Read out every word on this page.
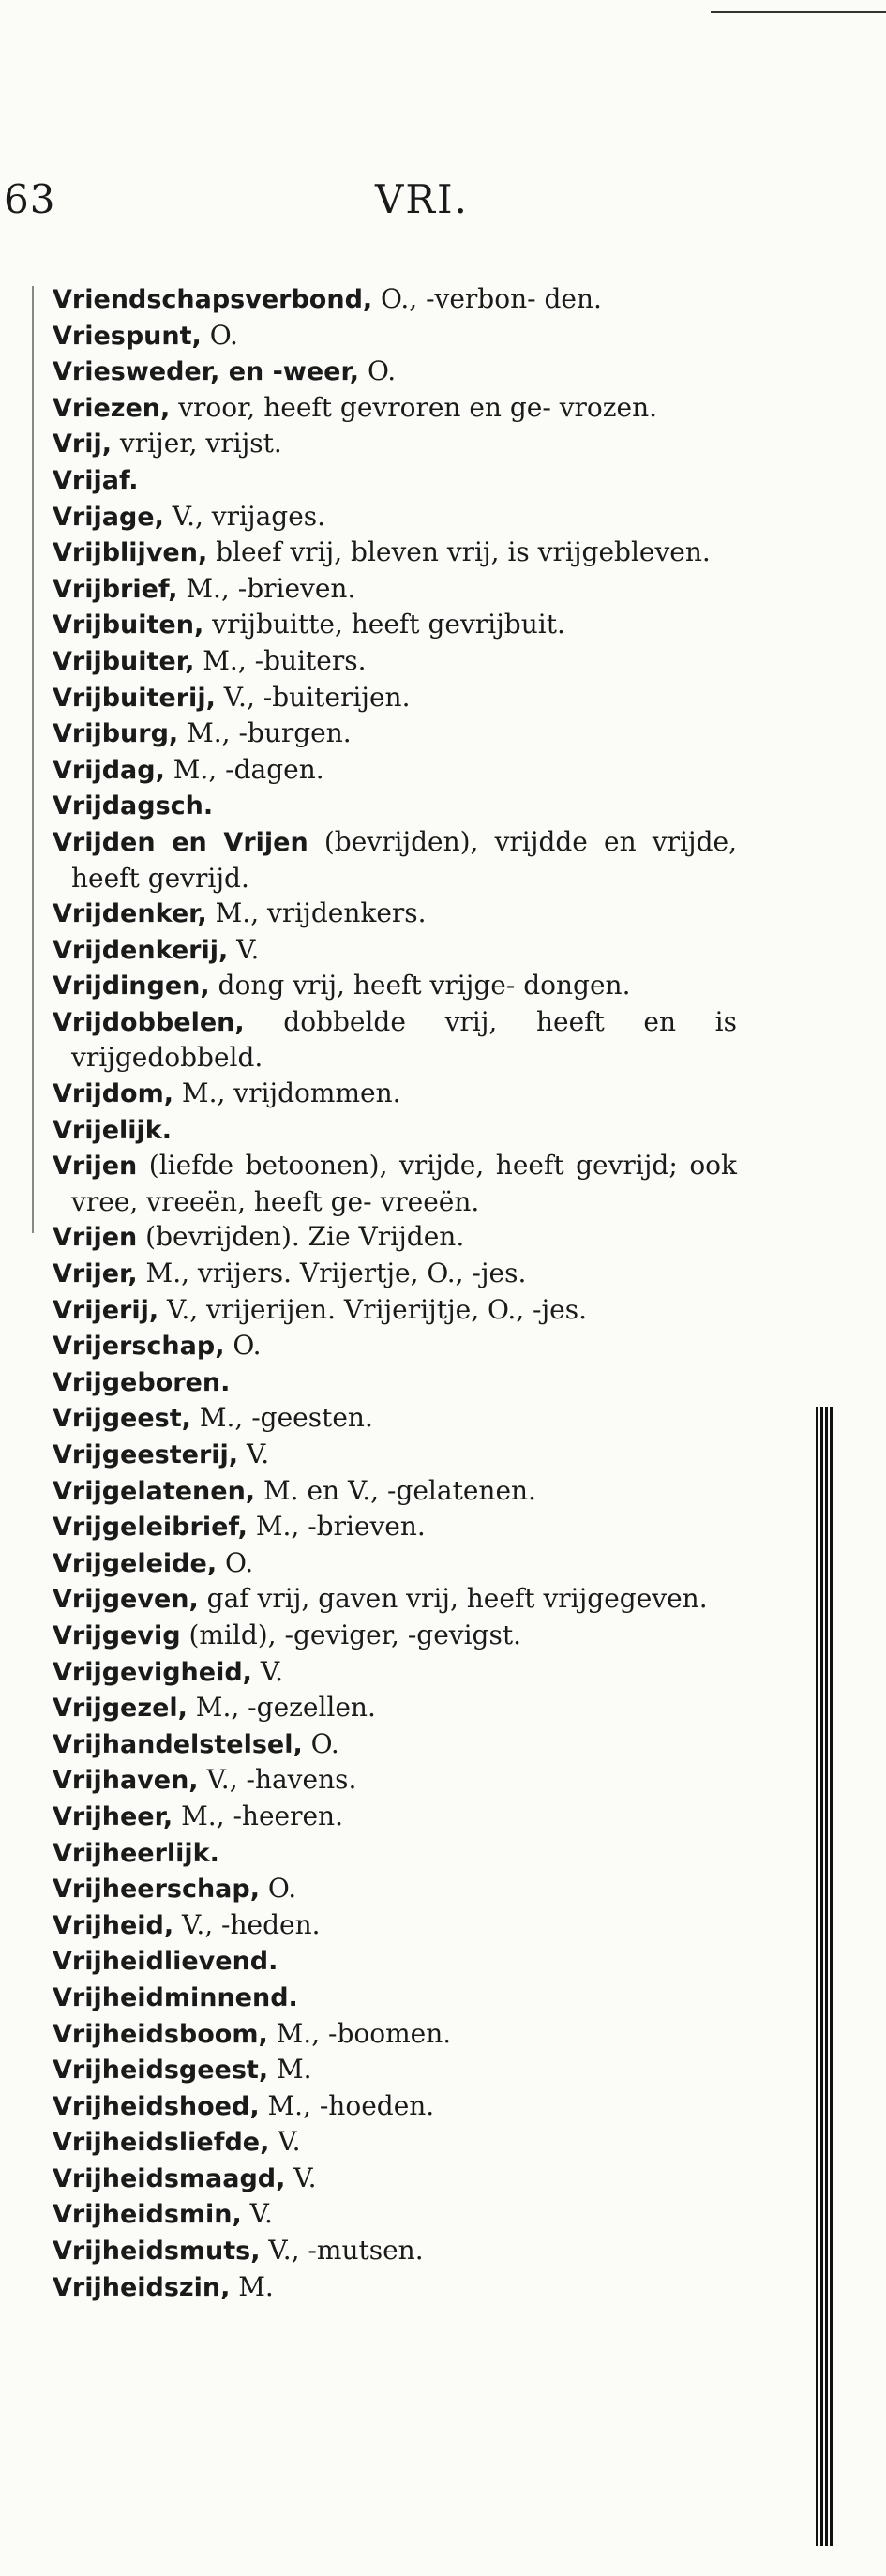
63	VRI.
Vriendschapsverbond, O., -verbon- den.
Vriespunt, O.
Vriesweder, en -weer, O.
Vriezen, vroor, heeft gevroren en ge- vrozen.
Vrij, vrijer, vrijst.
Vrijaf.
Vrijage, V., vrijages.
Vrijblijven, bleef vrij, bleven vrij, is vrijgebleven.
Vrijbrief, M., -brieven.
Vrijbuiten, vrijbuitte, heeft gevrijbuit.
Vrijbuiter, M., -buiters.
Vrijbuiterij, V., -buiterijen.
Vrijburg, M., -burgen.
Vrijdag, M., -dagen.
Vrijdagsch.
Vrijden en Vrijen (bevrijden), vrijdde en vrijde, heeft gevrijd.
Vrijdenker, M., vrijdenkers.
Vrijdenkerij, V.
Vrijdingen, dong vrij, heeft vrijge- dongen.
Vrijdobbelen, dobbelde vrij, heeft en is vrijgedobbeld.
Vrijdom, M., vrijdommen.
Vrijelijk.
Vrijen (liefde betoonen), vrijde, heeft gevrijd; ook vree, vreeën, heeft ge- vreeën.
Vrijen (bevrijden). Zie Vrijden.
Vrijer, M., vrijers. Vrijertje, O., -jes.
Vrijerij, V., vrijerijen. Vrijerijtje, O., -jes.
Vrijerschap, O.
Vrijgeboren.
Vrijgeest, M., -geesten.
Vrijgeesterij, V.
Vrijgelatenen, M. en V., -gelatenen.
Vrijgeleibrief, M., -brieven.
Vrijgeleide, O.
Vrijgeven, gaf vrij, gaven vrij, heeft vrijgegeven.
Vrijgevig (mild), -geviger, -gevigst.
Vrijgevigheid, V.
Vrijgezel, M., -gezellen.
Vrijhandelstelsel, O.
Vrijhaven, V., -havens.
Vrijheer, M., -heeren.
Vrijheerlijk.
Vrijheerschap, O.
Vrijheid, V., -heden.
Vrijheidlievend.
Vrijheidminnend.
Vrijheidsboom, M., -boomen.
Vrijheidsgeest, M.
Vrijheidshoed, M., -hoeden.
Vrijheidsliefde, V.
Vrijheidsmaagd, V.
Vrijheidsmin, V.
Vrijheidsmuts, V., -mutsen.
Vrijheidszin, M.
